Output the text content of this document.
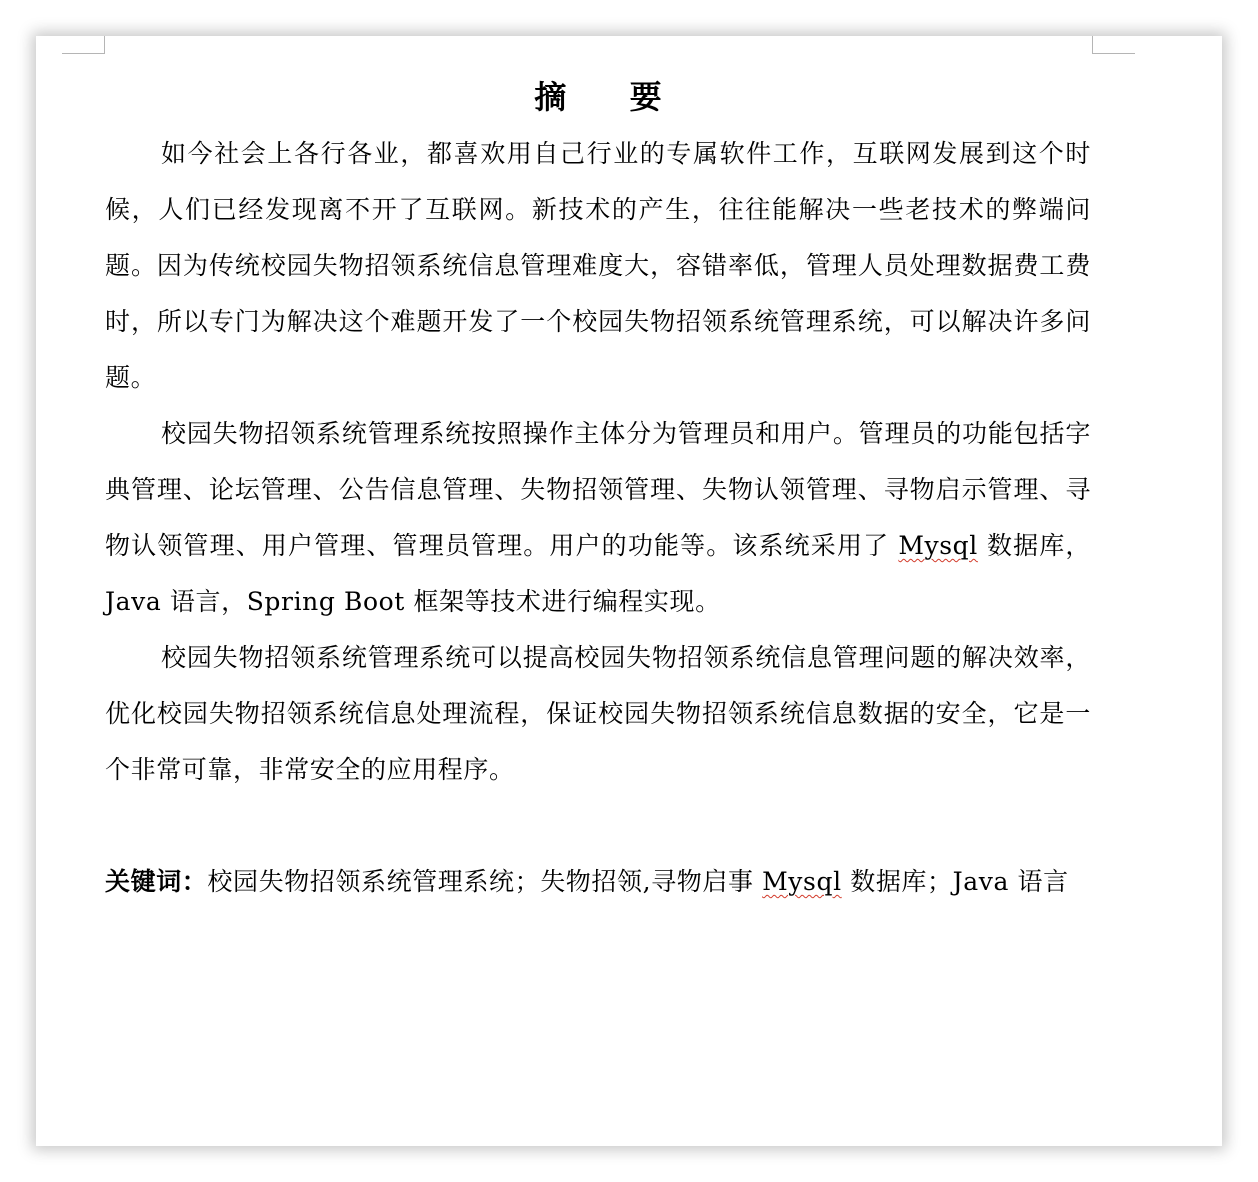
摘 要

如今社会上各行各业，都喜欢用自己行业的专属软件工作，互联网发展到这个时候，人们已经发现离不开了互联网。新技术的产生，往往能解决一些老技术的弊端问题。因为传统校园失物招领系统信息管理难度大，容错率低，管理人员处理数据费工费时，所以专门为解决这个难题开发了一个校园失物招领系统管理系统，可以解决许多问题。

校园失物招领系统管理系统按照操作主体分为管理员和用户。管理员的功能包括字典管理、论坛管理、公告信息管理、失物招领管理、失物认领管理、寻物启示管理、寻物认领管理、用户管理、管理员管理。用户的功能等。该系统采用了 Mysql 数据库，Java 语言，Spring Boot 框架等技术进行编程实现。

校园失物招领系统管理系统可以提高校园失物招领系统信息管理问题的解决效率，优化校园失物招领系统信息处理流程，保证校园失物招领系统信息数据的安全，它是一个非常可靠，非常安全的应用程序。

关键词：校园失物招领系统管理系统；失物招领,寻物启事 Mysql 数据库；Java 语言
